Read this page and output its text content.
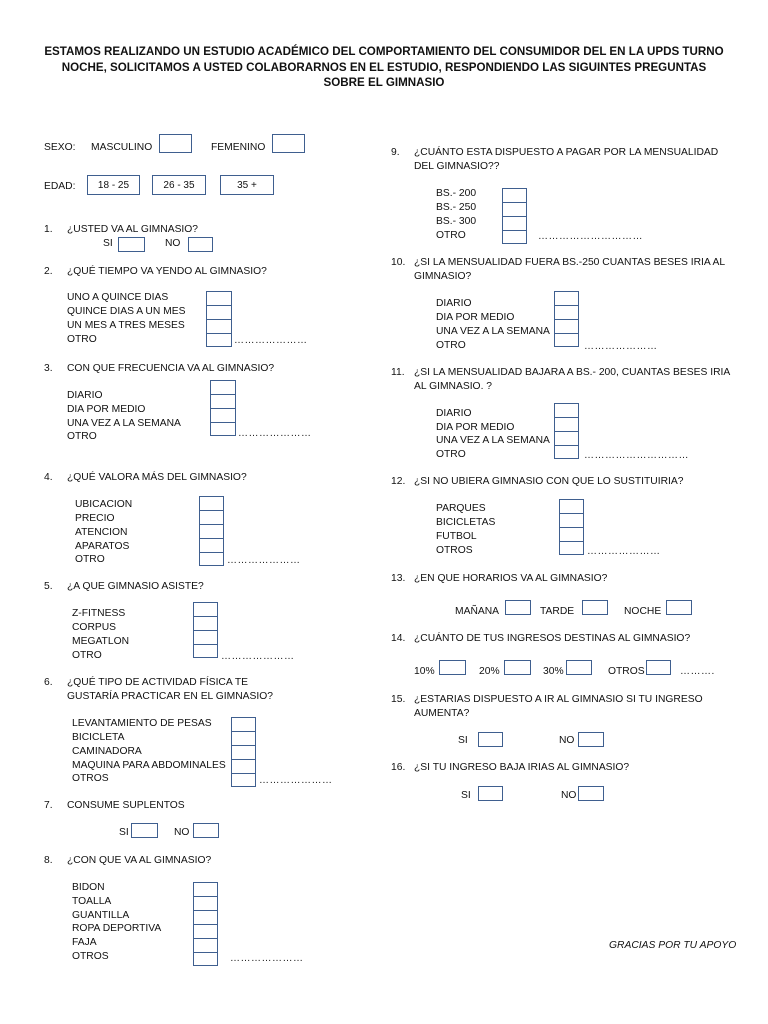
ESTAMOS REALIZANDO UN ESTUDIO ACADÉMICO DEL COMPORTAMIENTO DEL CONSUMIDOR DEL EN LA UPDS TURNO NOCHE, SOLICITAMOS A USTED COLABORARNOS EN EL ESTUDIO, RESPONDIENDO LAS SIGUINTES PREGUNTAS SOBRE EL GIMNASIO
SEXO: MASCULINO	FEMENINO
EDAD:	18 - 25	26 - 35	35 +
1. ¿USTED VA AL GIMNASIO?
SI	NO
2. ¿QUÉ TIEMPO VA YENDO AL GIMNASIO?
UNO A QUINCE DIAS
QUINCE DIAS A UN MES
UN MES A TRES MESES
OTRO	…………………
3. CON QUE FRECUENCIA VA AL GIMNASIO?
DIARIO
DIA POR MEDIO
UNA VEZ A LA SEMANA
OTRO	…………………
4. ¿QUÉ VALORA MÁS DEL GIMNASIO?
UBICACION
PRECIO
ATENCION
APARATOS
OTRO	…………………
5. ¿A QUE GIMNASIO ASISTE?
Z-FITNESS
CORPUS
MEGATLON
OTRO	…………………
6. ¿QUÉ TIPO DE ACTIVIDAD FÍSICA TE
GUSTARÍA PRACTICAR EN EL GIMNASIO?
LEVANTAMIENTO DE PESAS
BICICLETA
CAMINADORA
MAQUINA PARA ABDOMINALES
OTROS	…………………
7. CONSUME SUPLENTOS
SI	NO
8. ¿CON QUE VA AL GIMNASIO?
BIDON
TOALLA
GUANTILLA
ROPA DEPORTIVA
FAJA
OTROS	…………………
9. ¿CUÁNTO ESTA DISPUESTO A PAGAR POR LA MENSUALIDAD
DEL GIMNASIO??
BS.- 200
BS.- 250
BS.- 300
OTRO	…………………………
10. ¿SI LA MENSUALIDAD FUERA BS.-250 CUANTAS BESES IRIA AL
GIMNASIO?
DIARIO
DIA POR MEDIO
UNA VEZ A LA SEMANA
OTRO	…………………
11. ¿SI LA MENSUALIDAD BAJARA A BS.- 200, CUANTAS BESES IRIA
AL GIMNASIO. ?
DIARIO
DIA POR MEDIO
UNA VEZ A LA SEMANA
OTRO	…………………………
12. ¿SI NO UBIERA GIMNASIO CON QUE LO SUSTITUIRIA?
PARQUES
BICICLETAS
FUTBOL
OTROS	…………………
13. ¿EN QUE HORARIOS VA AL GIMNASIO?
MAÑANA	TARDE	NOCHE
14. ¿CUÁNTO DE TUS INGRESOS DESTINAS AL GIMNASIO?
10%	20%	30%	OTROS	……….
15. ¿ESTARIAS DISPUESTO A IR AL GIMNASIO SI TU INGRESO
AUMENTA?
SI	NO
16. ¿SI TU INGRESO BAJA IRIAS AL GIMNASIO?
SI	NO
GRACIAS POR TU APOYO
